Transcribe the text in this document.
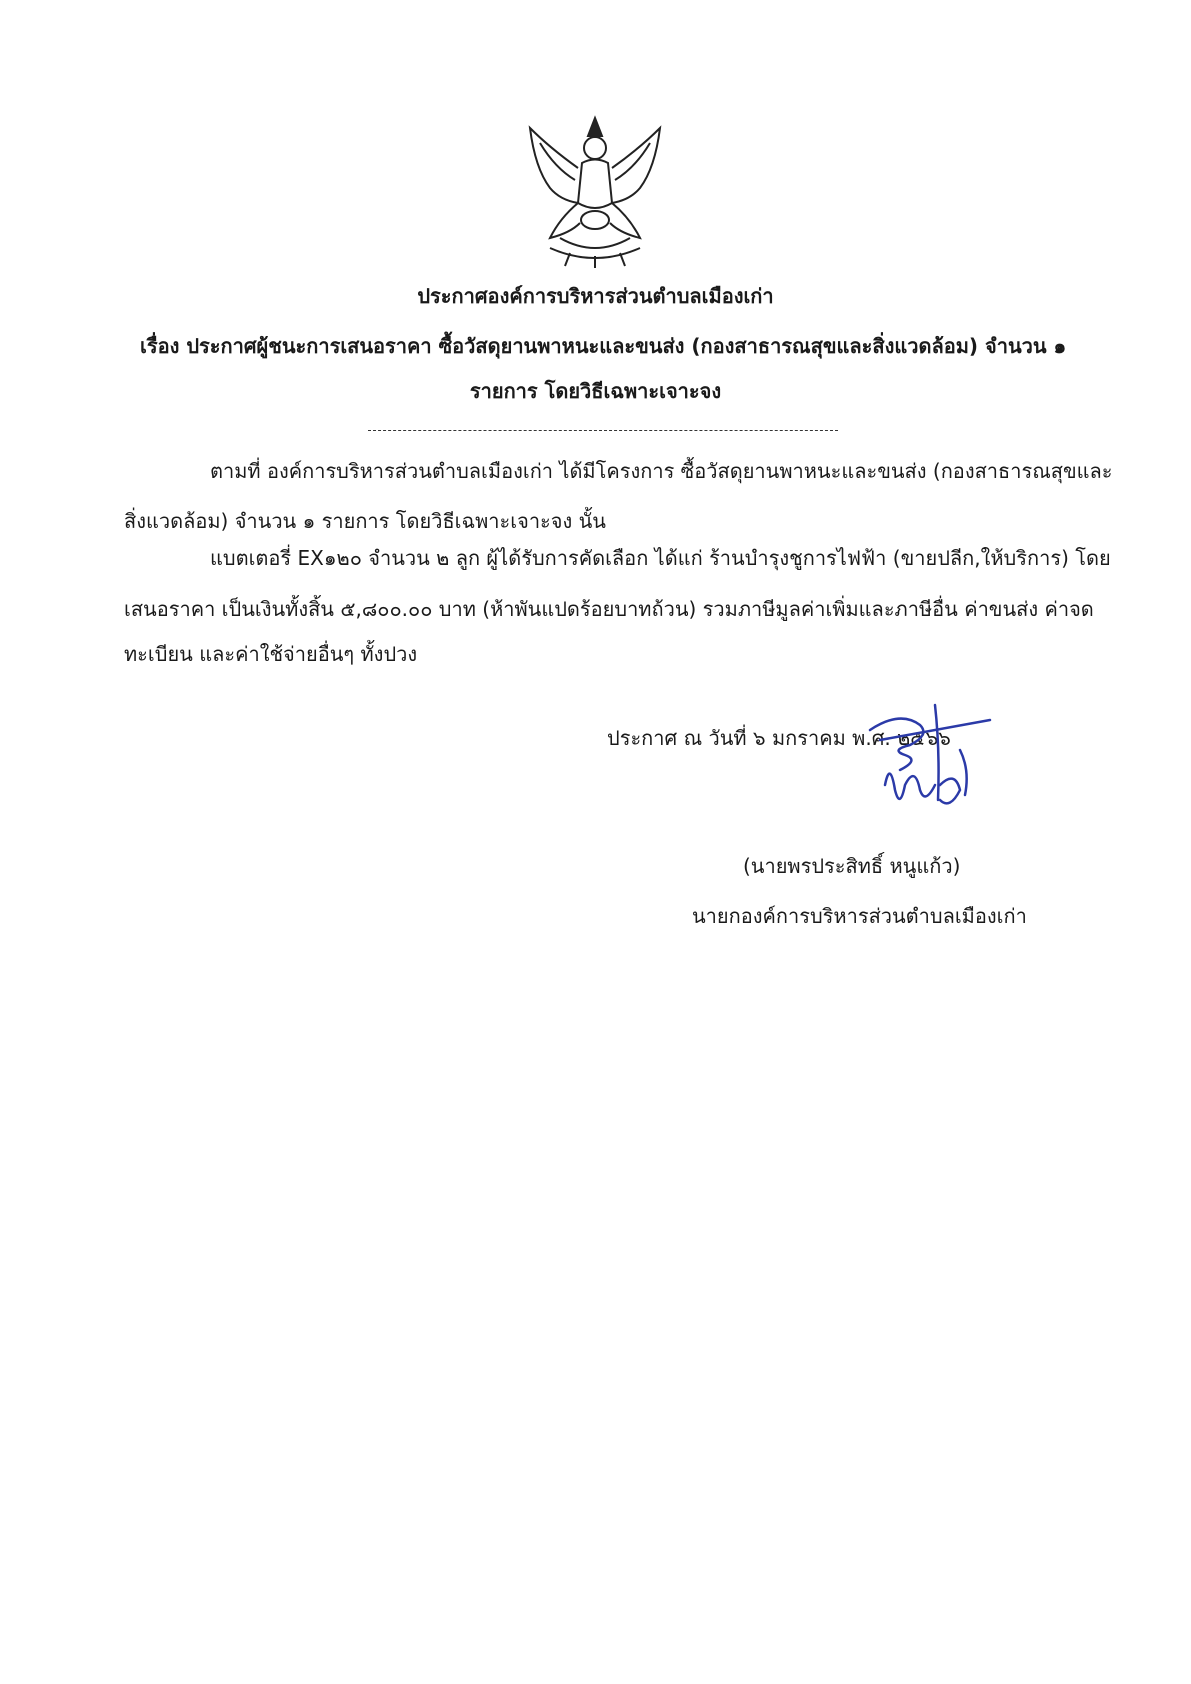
ประกาศองค์การบริหารส่วนตำบลเมืองเก่า
เรื่อง ประกาศผู้ชนะการเสนอราคา ซื้อวัสดุยานพาหนะและขนส่ง (กองสาธารณสุขและสิ่งแวดล้อม) จำนวน ๑
รายการ โดยวิธีเฉพาะเจาะจง
ตามที่ องค์การบริหารส่วนตำบลเมืองเก่า ได้มีโครงการ ซื้อวัสดุยานพาหนะและขนส่ง (กองสาธารณสุขและ
สิ่งแวดล้อม) จำนวน ๑ รายการ โดยวิธีเฉพาะเจาะจง นั้น
แบตเตอรี่ EX๑๒๐ จำนวน ๒ ลูก ผู้ได้รับการคัดเลือก ได้แก่ ร้านบำรุงชูการไฟฟ้า (ขายปลีก,ให้บริการ) โดย
เสนอราคา เป็นเงินทั้งสิ้น ๕,๘๐๐.๐๐ บาท (ห้าพันแปดร้อยบาทถ้วน) รวมภาษีมูลค่าเพิ่มและภาษีอื่น ค่าขนส่ง ค่าจด
ทะเบียน และค่าใช้จ่ายอื่นๆ ทั้งปวง
ประกาศ ณ วันที่ ๖ มกราคม พ.ศ. ๒๕๖๖
(นายพรประสิทธิ์ หนูแก้ว)
นายกองค์การบริหารส่วนตำบลเมืองเก่า
